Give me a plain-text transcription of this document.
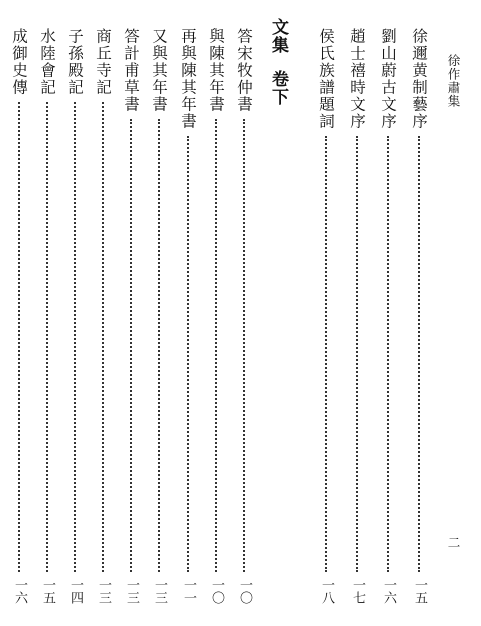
徐作肅集
二
文集卷下	徐邇黄制藝序
一五
劉山蔚古文序
一六
趙士禧時文序
一七
侯氏族譜題詞
一八
答宋牧仲書
一〇
與陳其年書
一〇
再與陳其年書
一一
又與其年書
一三
答計甫草書
一三
商丘寺記
一三
子孫殿記
一四
水陸會記
一五
成御史傳
一六
